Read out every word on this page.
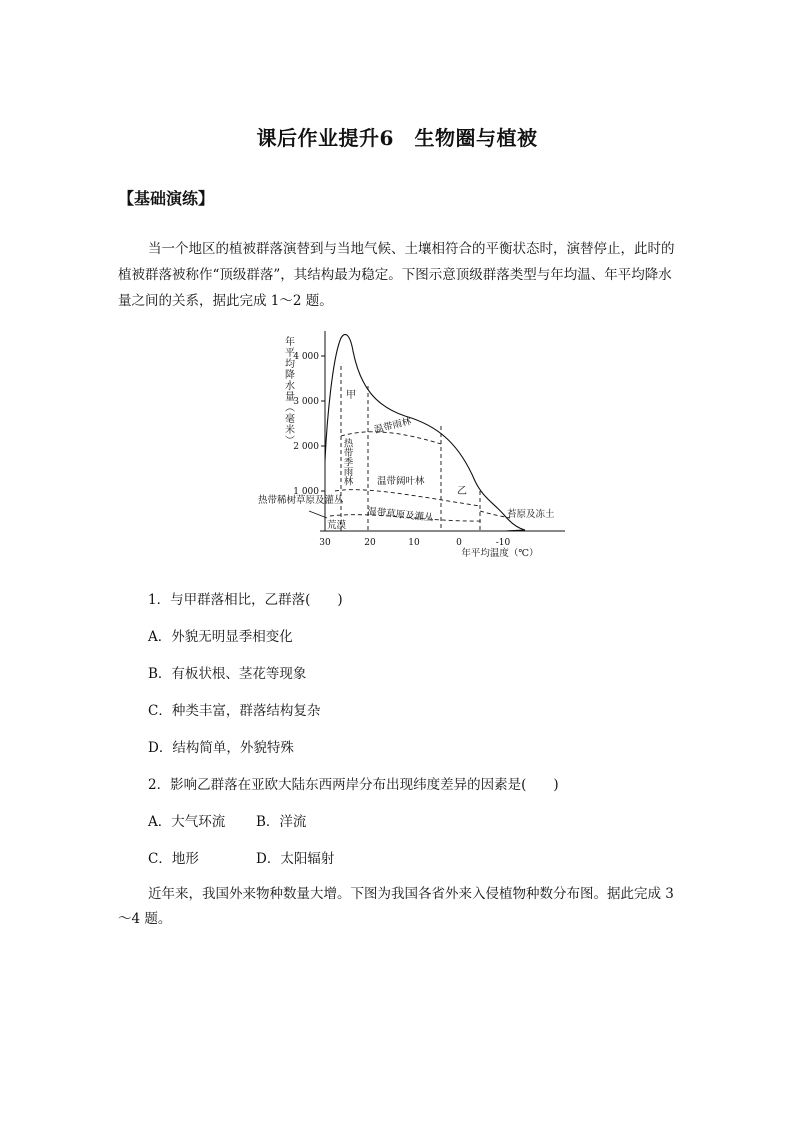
课后作业提升6　生物圈与植被
【基础演练】
当一个地区的植被群落演替到与当地气候、土壤相符合的平衡状态时，演替停止，此时的植被群落被称作“顶级群落”，其结构最为稳定。下图示意顶级群落类型与年均温、年平均降水量之间的关系，据此完成 1～2 题。
4 000
3 000
2 000
1 000
年平均降水量（毫米）
30	20	10	0	-10
年平均温度（℃）
甲
温带雨林
热带季雨林	温带阔叶林
乙
温带草原及灌丛
热带稀树草原及灌丛
荒漠
苔原及冻土
1．与甲群落相比，乙群落(　　)
A．外貌无明显季相变化
B．有板状根、茎花等现象
C．种类丰富，群落结构复杂
D．结构简单，外貌特殊
2．影响乙群落在亚欧大陆东西两岸分布出现纬度差异的因素是(　　)
A．大气环流 B．洋流
C．地形	D．太阳辐射
近年来，我国外来物种数量大增。下图为我国各省外来入侵植物种数分布图。据此完成 3～4 题。
